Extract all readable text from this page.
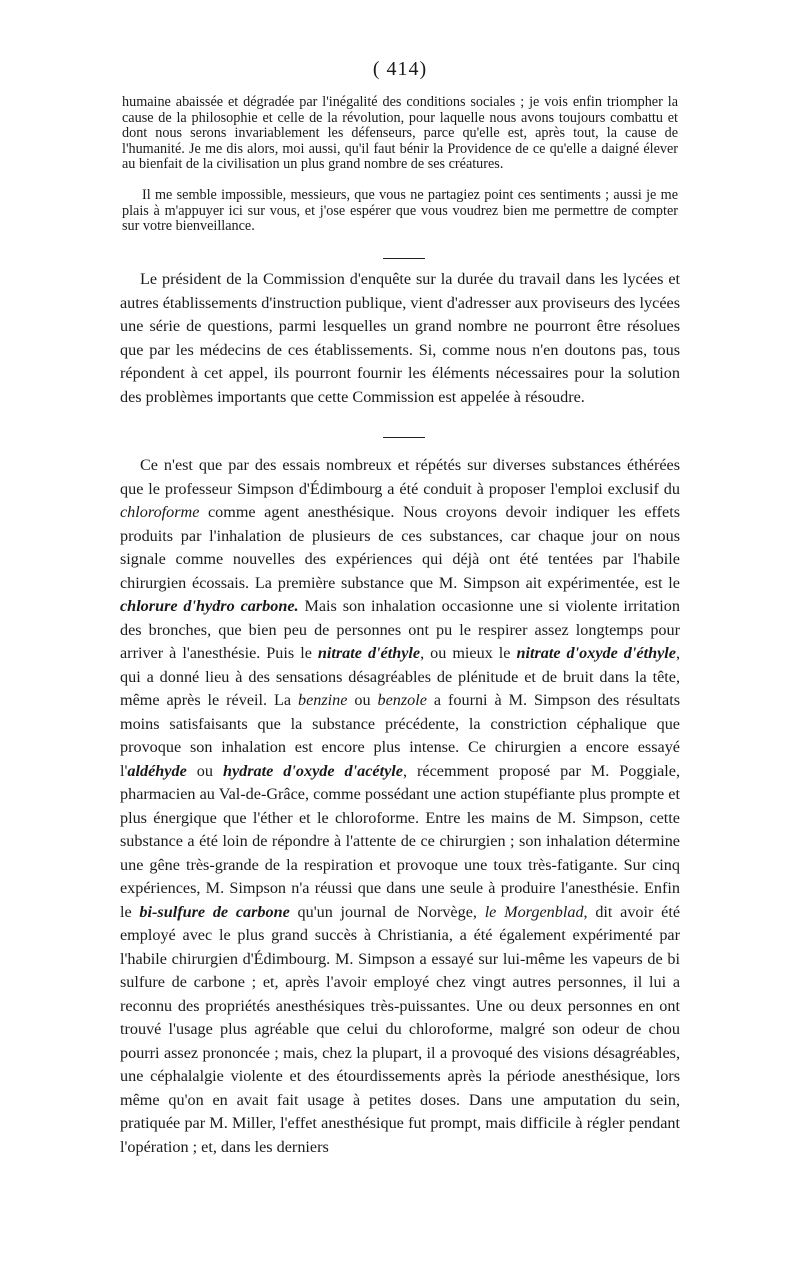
( 414)

humaine abaissée et dégradée par l'inégalité des conditions sociales ; je vois enfin triompher la cause de la philosophie et celle de la révolution, pour laquelle nous avons toujours combattu et dont nous serons invariablement les défenseurs, parce qu'elle est, après tout, la cause de l'humanité. Je me dis alors, moi aussi, qu'il faut bénir la Providence de ce qu'elle a daigné élever au bienfait de la civilisation un plus grand nombre de ses créatures.

Il me semble impossible, messieurs, que vous ne partagiez point ces sentiments ; aussi je me plais à m'appuyer ici sur vous, et j'ose espérer que vous voudrez bien me permettre de compter sur votre bienveillance.

Le président de la Commission d'enquête sur la durée du travail dans les lycées et autres établissements d'instruction publique, vient d'adresser aux proviseurs des lycées une série de questions, parmi lesquelles un grand nombre ne pourront être résolues que par les médecins de ces établissements. Si, comme nous n'en doutons pas, tous répondent à cet appel, ils pourront fournir les éléments nécessaires pour la solution des problèmes importants que cette Commission est appelée à résoudre.

Ce n'est que par des essais nombreux et répétés sur diverses substances éthérées que le professeur Simpson d'Édimbourg a été conduit à proposer l'emploi exclusif du chloroforme comme agent anesthésique. Nous croyons devoir indiquer les effets produits par l'inhalation de plusieurs de ces substances, car chaque jour on nous signale comme nouvelles des expériences qui déjà ont été tentées par l'habile chirurgien écossais. La première substance que M. Simpson ait expérimentée, est le chlorure d'hydro carbone. Mais son inhalation occasionne une si violente irritation des bronches, que bien peu de personnes ont pu le respirer assez longtemps pour arriver à l'anesthésie. Puis le nitrate d'éthyle, ou mieux le nitrate d'oxyde d'éthyle, qui a donné lieu à des sensations désagréables de plénitude et de bruit dans la tête, même après le réveil. La benzine ou benzole a fourni à M. Simpson des résultats moins satisfaisants que la substance précédente, la constriction céphalique que provoque son inhalation est encore plus intense. Ce chirurgien a encore essayé l'aldéhyde ou hydrate d'oxyde d'acétyle, récemment proposé par M. Poggiale, pharmacien au Val-de-Grâce, comme possédant une action stupéfiante plus prompte et plus énergique que l'éther et le chloroforme. Entre les mains de M. Simpson, cette substance a été loin de répondre à l'attente de ce chirurgien ; son inhalation détermine une gêne très-grande de la respiration et provoque une toux très-fatigante. Sur cinq expériences, M. Simpson n'a réussi que dans une seule à produire l'anesthésie. Enfin le bi-sulfure de carbone qu'un journal de Norvège, le Morgenblad, dit avoir été employé avec le plus grand succès à Christiania, a été également expérimenté par l'habile chirurgien d'Édimbourg. M. Simpson a essayé sur lui-même les vapeurs de bi sulfure de carbone ; et, après l'avoir employé chez vingt autres personnes, il lui a reconnu des propriétés anesthésiques très-puissantes. Une ou deux personnes en ont trouvé l'usage plus agréable que celui du chloroforme, malgré son odeur de chou pourri assez prononcée ; mais, chez la plupart, il a provoqué des visions désagréables, une céphalalgie violente et des étourdissements après la période anesthésique, lors même qu'on en avait fait usage à petites doses. Dans une amputation du sein, pratiquée par M. Miller, l'effet anesthésique fut prompt, mais difficile à régler pendant l'opération ; et, dans les derniers
